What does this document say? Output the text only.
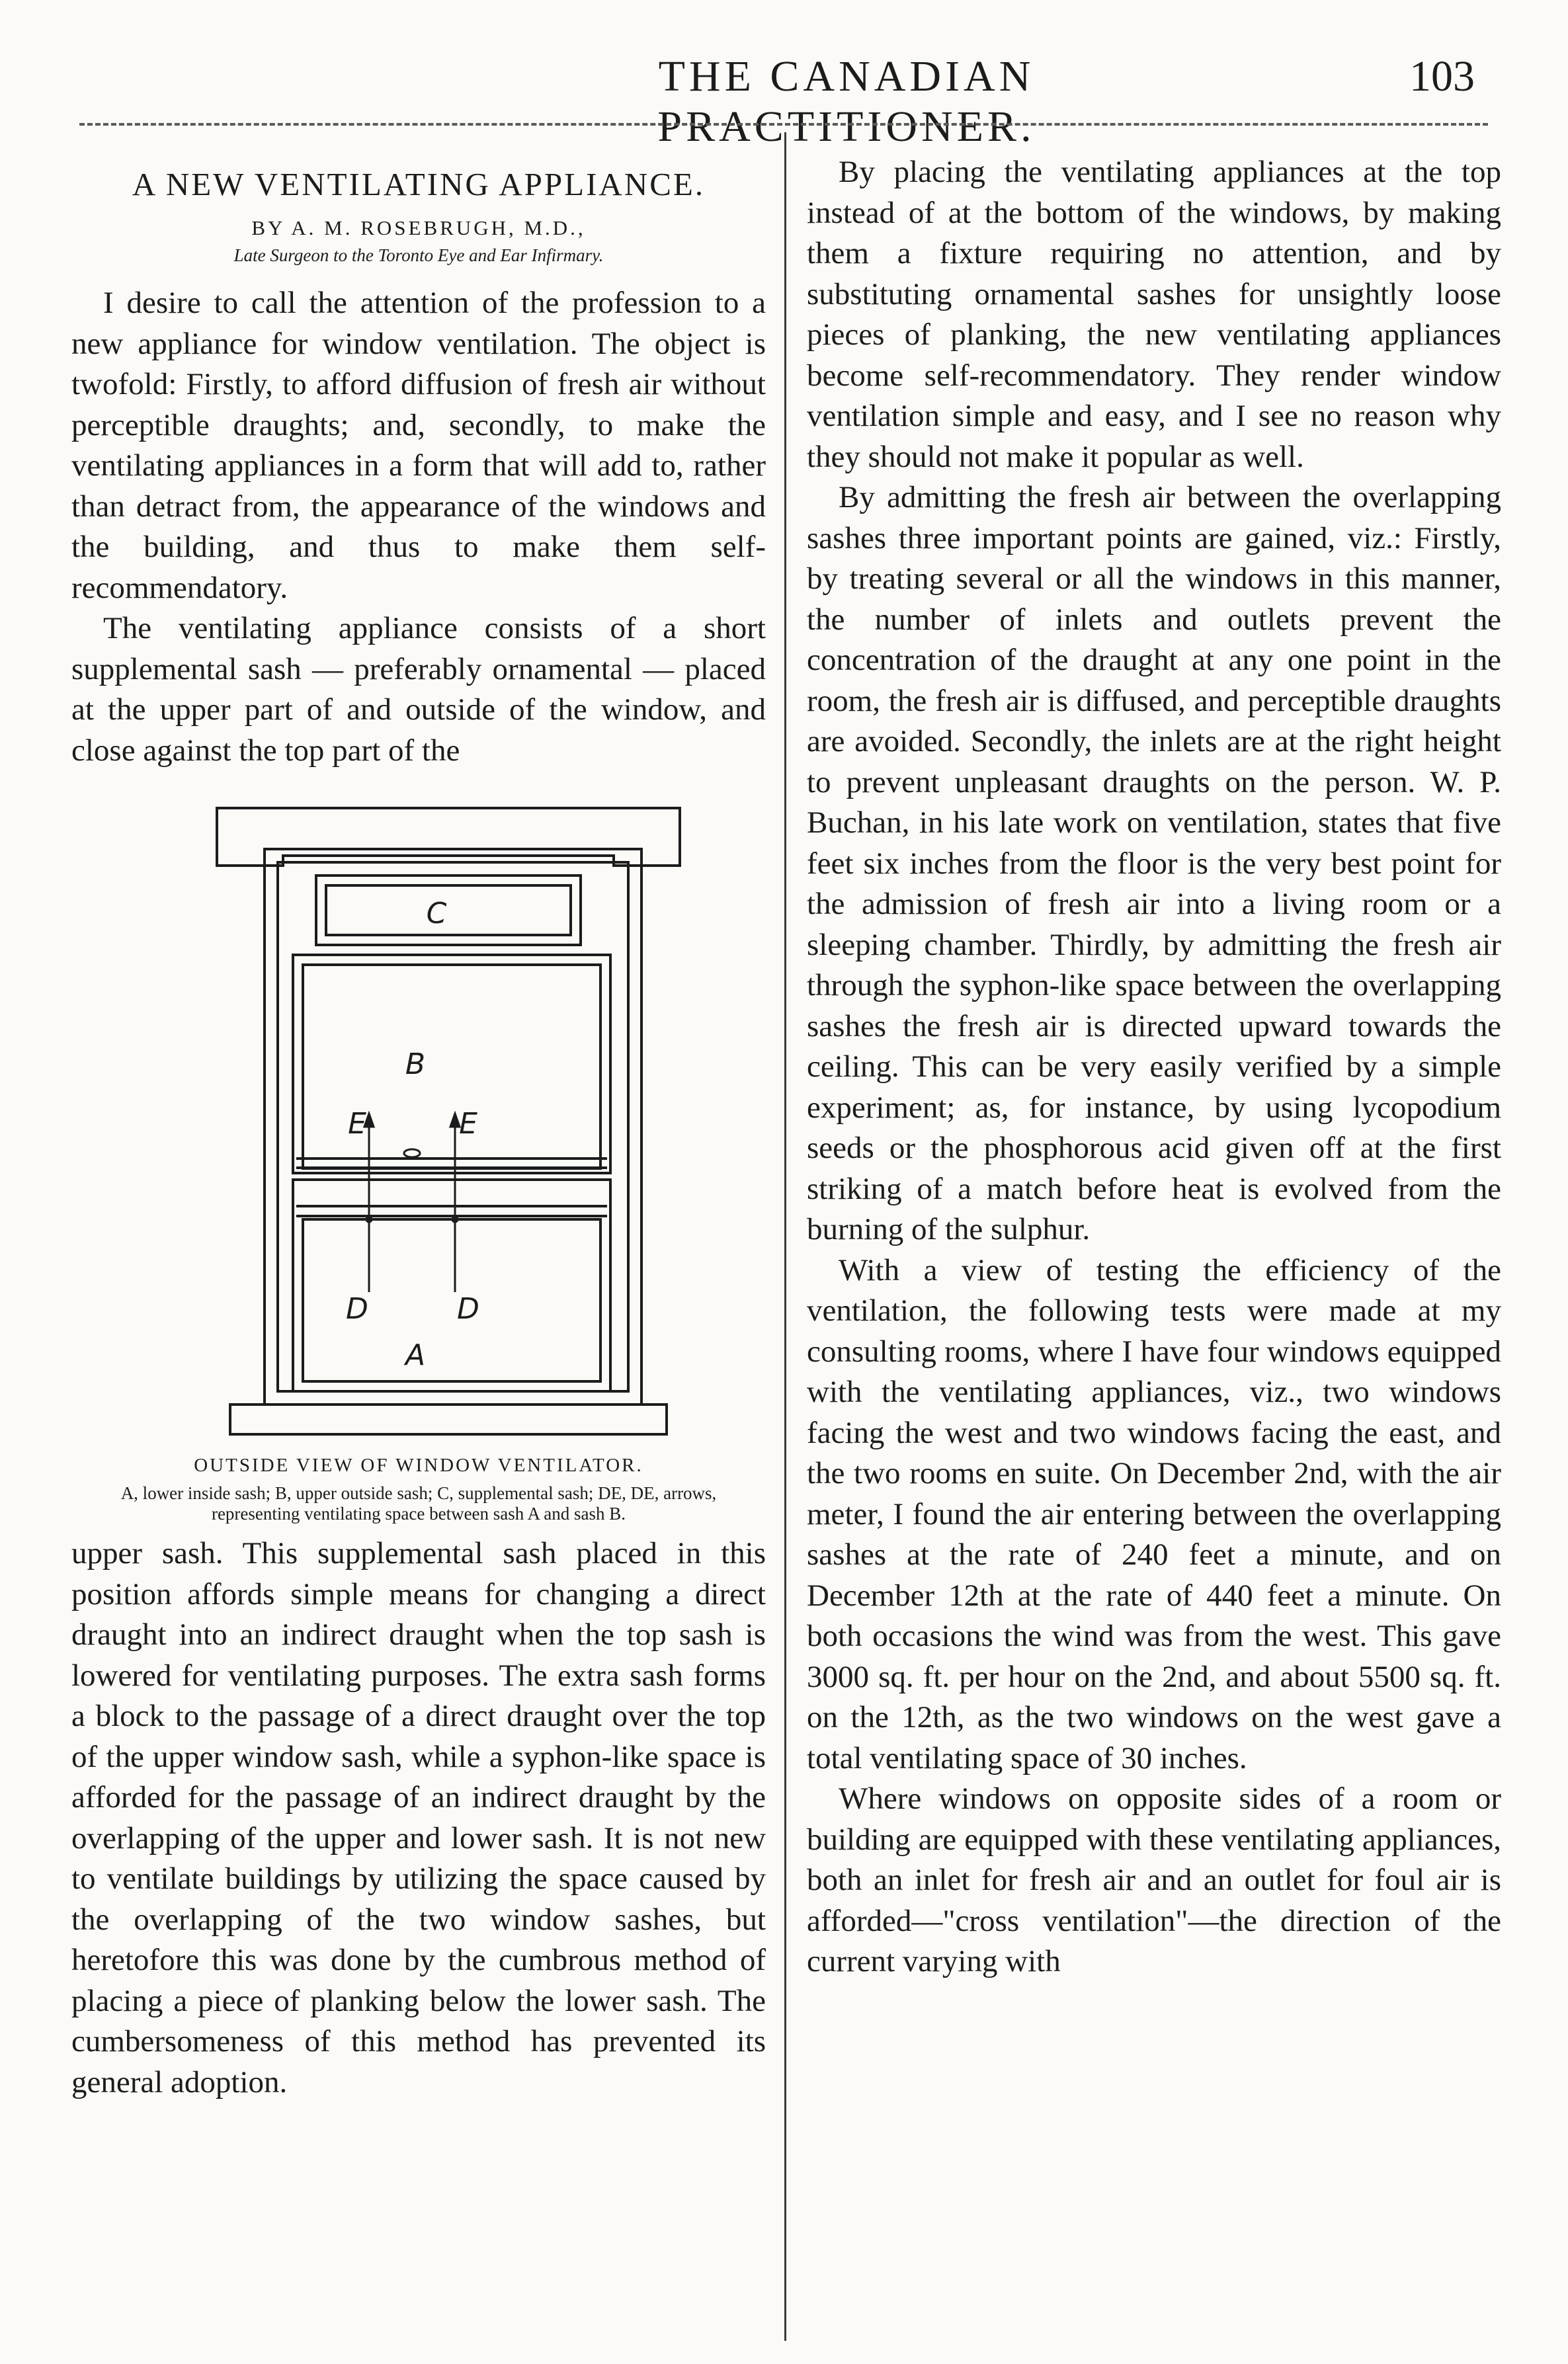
THE CANADIAN PRACTITIONER.
103
A NEW VENTILATING APPLIANCE.
BY A. M. ROSEBRUGH, M.D.,
Late Surgeon to the Toronto Eye and Ear Infirmary.

I desire to call the attention of the profession to a new appliance for window ventilation. The object is twofold: Firstly, to afford diffusion of fresh air without perceptible draughts; and, secondly, to make the ventilating appliances in a form that will add to, rather than detract from, the appearance of the windows and the building, and thus to make them self-recommendatory.

The ventilating appliance consists of a short supplemental sash — preferably ornamental — placed at the upper part of and outside of the window, and close against the top part of the

C
B
E	E
D	D
A
OUTSIDE VIEW OF WINDOW VENTILATOR.
A, lower inside sash; B, upper outside sash; C, supplemental sash; DE, DE, arrows, representing ventilating space between sash A and sash B.

upper sash. This supplemental sash placed in this position affords simple means for changing a direct draught into an indirect draught when the top sash is lowered for ventilating purposes. The extra sash forms a block to the passage of a direct draught over the top of the upper window sash, while a syphon-like space is afforded for the passage of an indirect draught by the overlapping of the upper and lower sash. It is not new to ventilate buildings by utilizing the space caused by the overlapping of the two window sashes, but heretofore this was done by the cumbrous method of placing a piece of planking below the lower sash. The cumbersomeness of this method has prevented its general adoption.

By placing the ventilating appliances at the top instead of at the bottom of the windows, by making them a fixture requiring no attention, and by substituting ornamental sashes for unsightly loose pieces of planking, the new ventilating appliances become self-recommendatory. They render window ventilation simple and easy, and I see no reason why they should not make it popular as well.

By admitting the fresh air between the overlapping sashes three important points are gained, viz.: Firstly, by treating several or all the windows in this manner, the number of inlets and outlets prevent the concentration of the draught at any one point in the room, the fresh air is diffused, and perceptible draughts are avoided. Secondly, the inlets are at the right height to prevent unpleasant draughts on the person. W. P. Buchan, in his late work on ventilation, states that five feet six inches from the floor is the very best point for the admission of fresh air into a living room or a sleeping chamber. Thirdly, by admitting the fresh air through the syphon-like space between the overlapping sashes the fresh air is directed upward towards the ceiling. This can be very easily verified by a simple experiment; as, for instance, by using lycopodium seeds or the phosphorous acid given off at the first striking of a match before heat is evolved from the burning of the sulphur.

With a view of testing the efficiency of the ventilation, the following tests were made at my consulting rooms, where I have four windows equipped with the ventilating appliances, viz., two windows facing the west and two windows facing the east, and the two rooms en suite. On December 2nd, with the air meter, I found the air entering between the overlapping sashes at the rate of 240 feet a minute, and on December 12th at the rate of 440 feet a minute. On both occasions the wind was from the west. This gave 3000 sq. ft. per hour on the 2nd, and about 5500 sq. ft. on the 12th, as the two windows on the west gave a total ventilating space of 30 inches.

Where windows on opposite sides of a room or building are equipped with these ventilating appliances, both an inlet for fresh air and an outlet for foul air is afforded—"cross ventilation"—the direction of the current varying with
